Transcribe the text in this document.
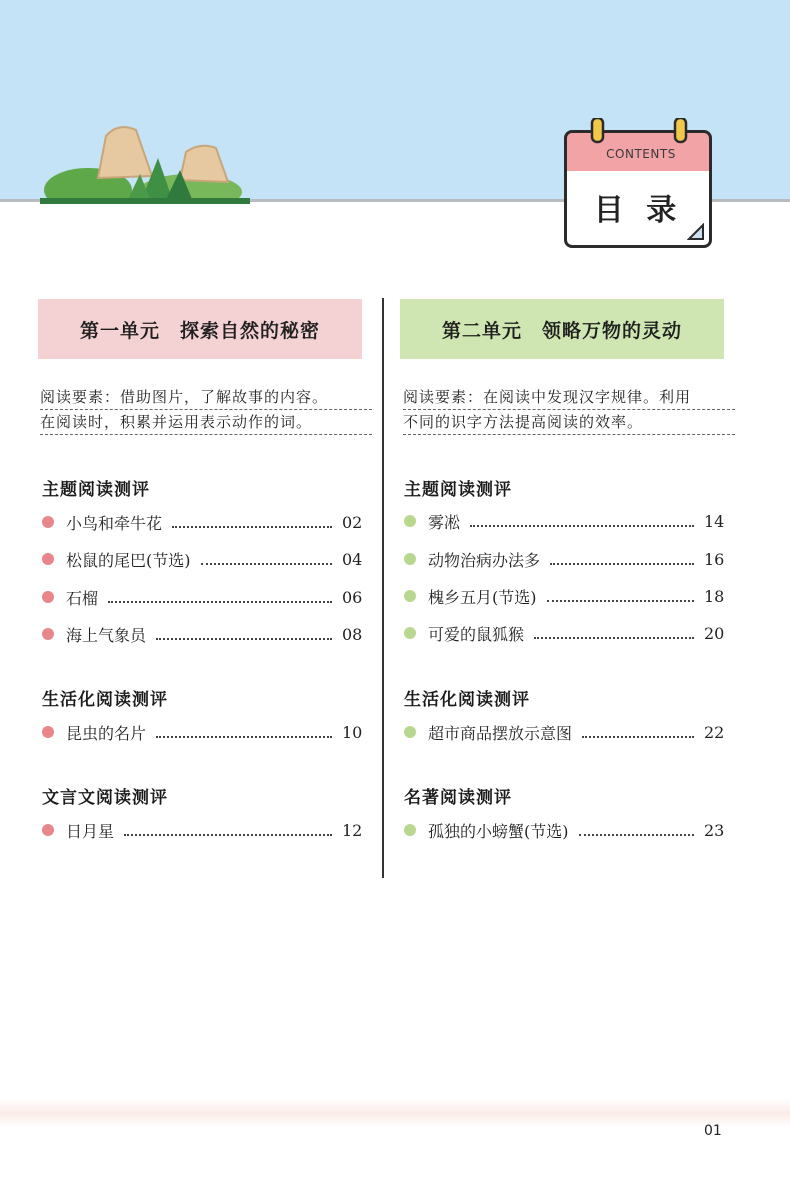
CONTENTS
目 录
第一单元　探索自然的秘密
阅读要素：借助图片，了解故事的内容。
在阅读时，积累并运用表示动作的词。
主题阅读测评
小鸟和牵牛花	02
松鼠的尾巴(节选)	04
石榴	06
海上气象员	08
生活化阅读测评
昆虫的名片	10
文言文阅读测评
日月星	12
第二单元　领略万物的灵动
阅读要素：在阅读中发现汉字规律。利用
不同的识字方法提高阅读的效率。
主题阅读测评
雾凇	14
动物治病办法多	16
槐乡五月(节选)	18
可爱的鼠狐猴	20
生活化阅读测评
超市商品摆放示意图	22
名著阅读测评
孤独的小螃蟹(节选)	23
01
